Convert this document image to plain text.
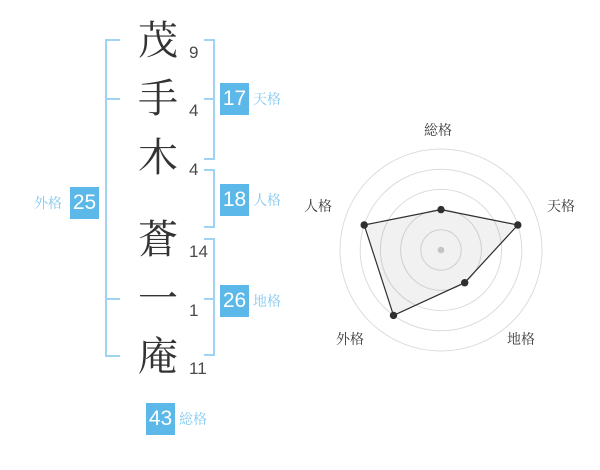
茂 9
手 4
木 4
蒼 14
一 1
庵 11
17 天格
18 人格
26 地格
25
外格
43 総格
総格
天格
地格
外格
人格
